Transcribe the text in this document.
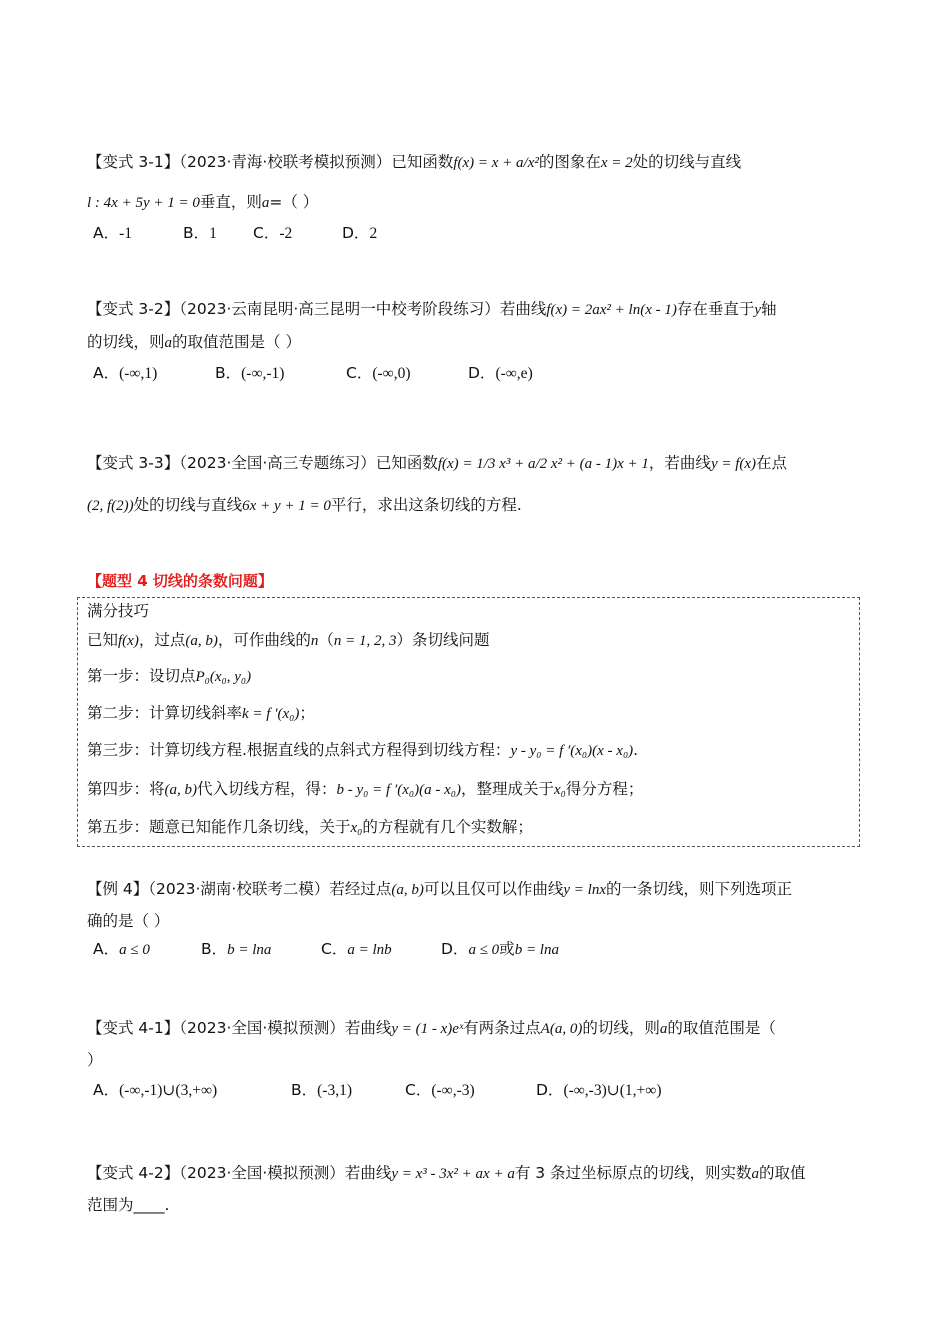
【变式 3-1】（2023·青海·校联考模拟预测）已知函数f(x) = x + a/x²的图象在x = 2处的切线与直线
l : 4x + 5y + 1 = 0垂直，则a=（ ）
A．-1	B．1 C．-2	D．2
【变式 3-2】（2023·云南昆明·高三昆明一中校考阶段练习）若曲线f(x) = 2ax² + ln(x - 1)存在垂直于y轴
的切线，则a的取值范围是（ ）
A．(-∞,1)	B．(-∞,-1)	C．(-∞,0)	D．(-∞,e)
【变式 3-3】（2023·全国·高三专题练习）已知函数f(x) = 1/3 x³ + a/2 x² + (a - 1)x + 1，若曲线y = f(x)在点
(2, f(2))处的切线与直线6x + y + 1 = 0平行，求出这条切线的方程.
【题型 4 切线的条数问题】
满分技巧
已知f(x)，过点(a, b)，可作曲线的n（n = 1, 2, 3）条切线问题
第一步：设切点P₀(x₀, y₀)
第二步：计算切线斜率k = f ′(x₀)；
第三步：计算切线方程.根据直线的点斜式方程得到切线方程：y - y₀ = f ′(x₀)(x - x₀).
第四步：将(a, b)代入切线方程，得：b - y₀ = f ′(x₀)(a - x₀)，整理成关于x₀得分方程；
第五步：题意已知能作几条切线，关于x₀的方程就有几个实数解；
【例 4】（2023·湖南·校联考二模）若经过点(a, b)可以且仅可以作曲线y = lnx的一条切线，则下列选项正
确的是（ ）
A．a ≤ 0	B．b = lna	C．a = lnb	D．a ≤ 0或b = lna
【变式 4-1】（2023·全国·模拟预测）若曲线y = (1 - x)eˣ有两条过点A(a, 0)的切线，则a的取值范围是（
）
A．(-∞,-1)∪(3,+∞)	B．(-3,1)	C．(-∞,-3)	D．(-∞,-3)∪(1,+∞)
【变式 4-2】（2023·全国·模拟预测）若曲线y = x³ - 3x² + ax + a有 3 条过坐标原点的切线，则实数a的取值
范围为____.
